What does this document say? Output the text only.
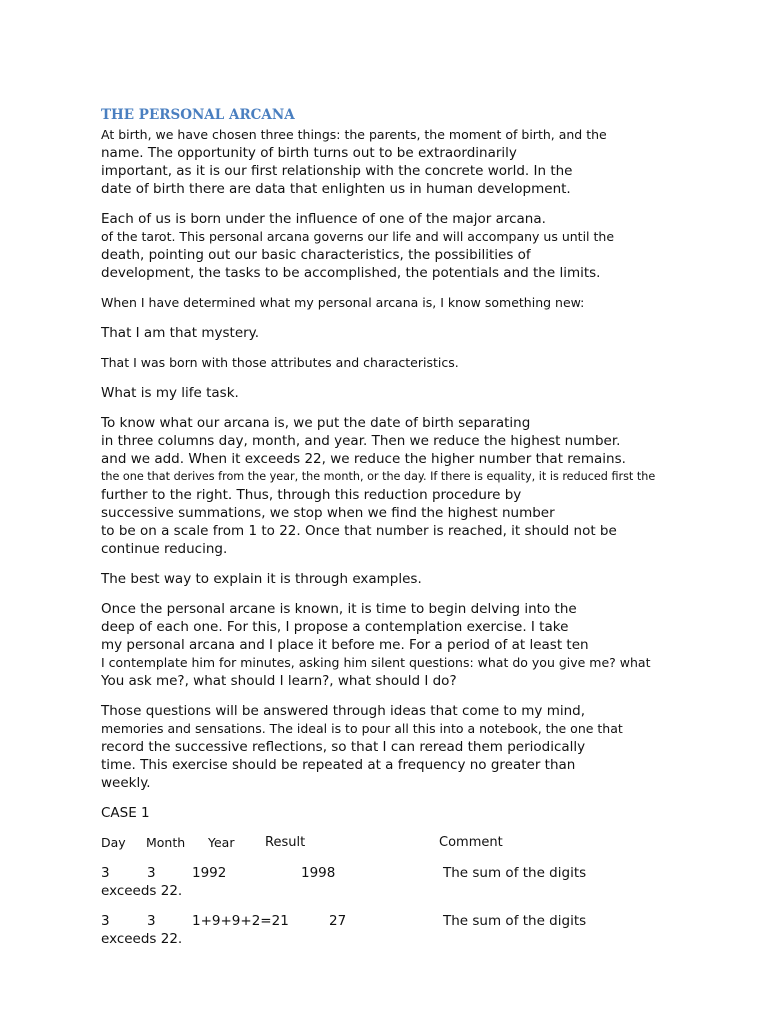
THE PERSONAL ARCANA
At birth, we have chosen three things: the parents, the moment of birth, and the
name. The opportunity of birth turns out to be extraordinarily
important, as it is our first relationship with the concrete world. In the
date of birth there are data that enlighten us in human development.
Each of us is born under the influence of one of the major arcana.
of the tarot. This personal arcana governs our life and will accompany us until the
death, pointing out our basic characteristics, the possibilities of
development, the tasks to be accomplished, the potentials and the limits.
When I have determined what my personal arcana is, I know something new:
That I am that mystery.
That I was born with those attributes and characteristics.
What is my life task.
To know what our arcana is, we put the date of birth separating
in three columns day, month, and year. Then we reduce the highest number.
and we add. When it exceeds 22, we reduce the higher number that remains.
the one that derives from the year, the month, or the day. If there is equality, it is reduced first the
further to the right. Thus, through this reduction procedure by
successive summations, we stop when we find the highest number
to be on a scale from 1 to 22. Once that number is reached, it should not be
continue reducing.
The best way to explain it is through examples.
Once the personal arcane is known, it is time to begin delving into the
deep of each one. For this, I propose a contemplation exercise. I take
my personal arcana and I place it before me. For a period of at least ten
I contemplate him for minutes, asking him silent questions: what do you give me? what
You ask me?, what should I learn?, what should I do?
Those questions will be answered through ideas that come to my mind,
memories and sensations. The ideal is to pour all this into a notebook, the one that
record the successive reflections, so that I can reread them periodically
time. This exercise should be repeated at a frequency no greater than
weekly.
CASE 1
Day Month Year Result	Comment
3	3	1992	1998	The sum of the digits
exceeds 22.
3	3	1+9+9+2=21	27	The sum of the digits
exceeds 22.
